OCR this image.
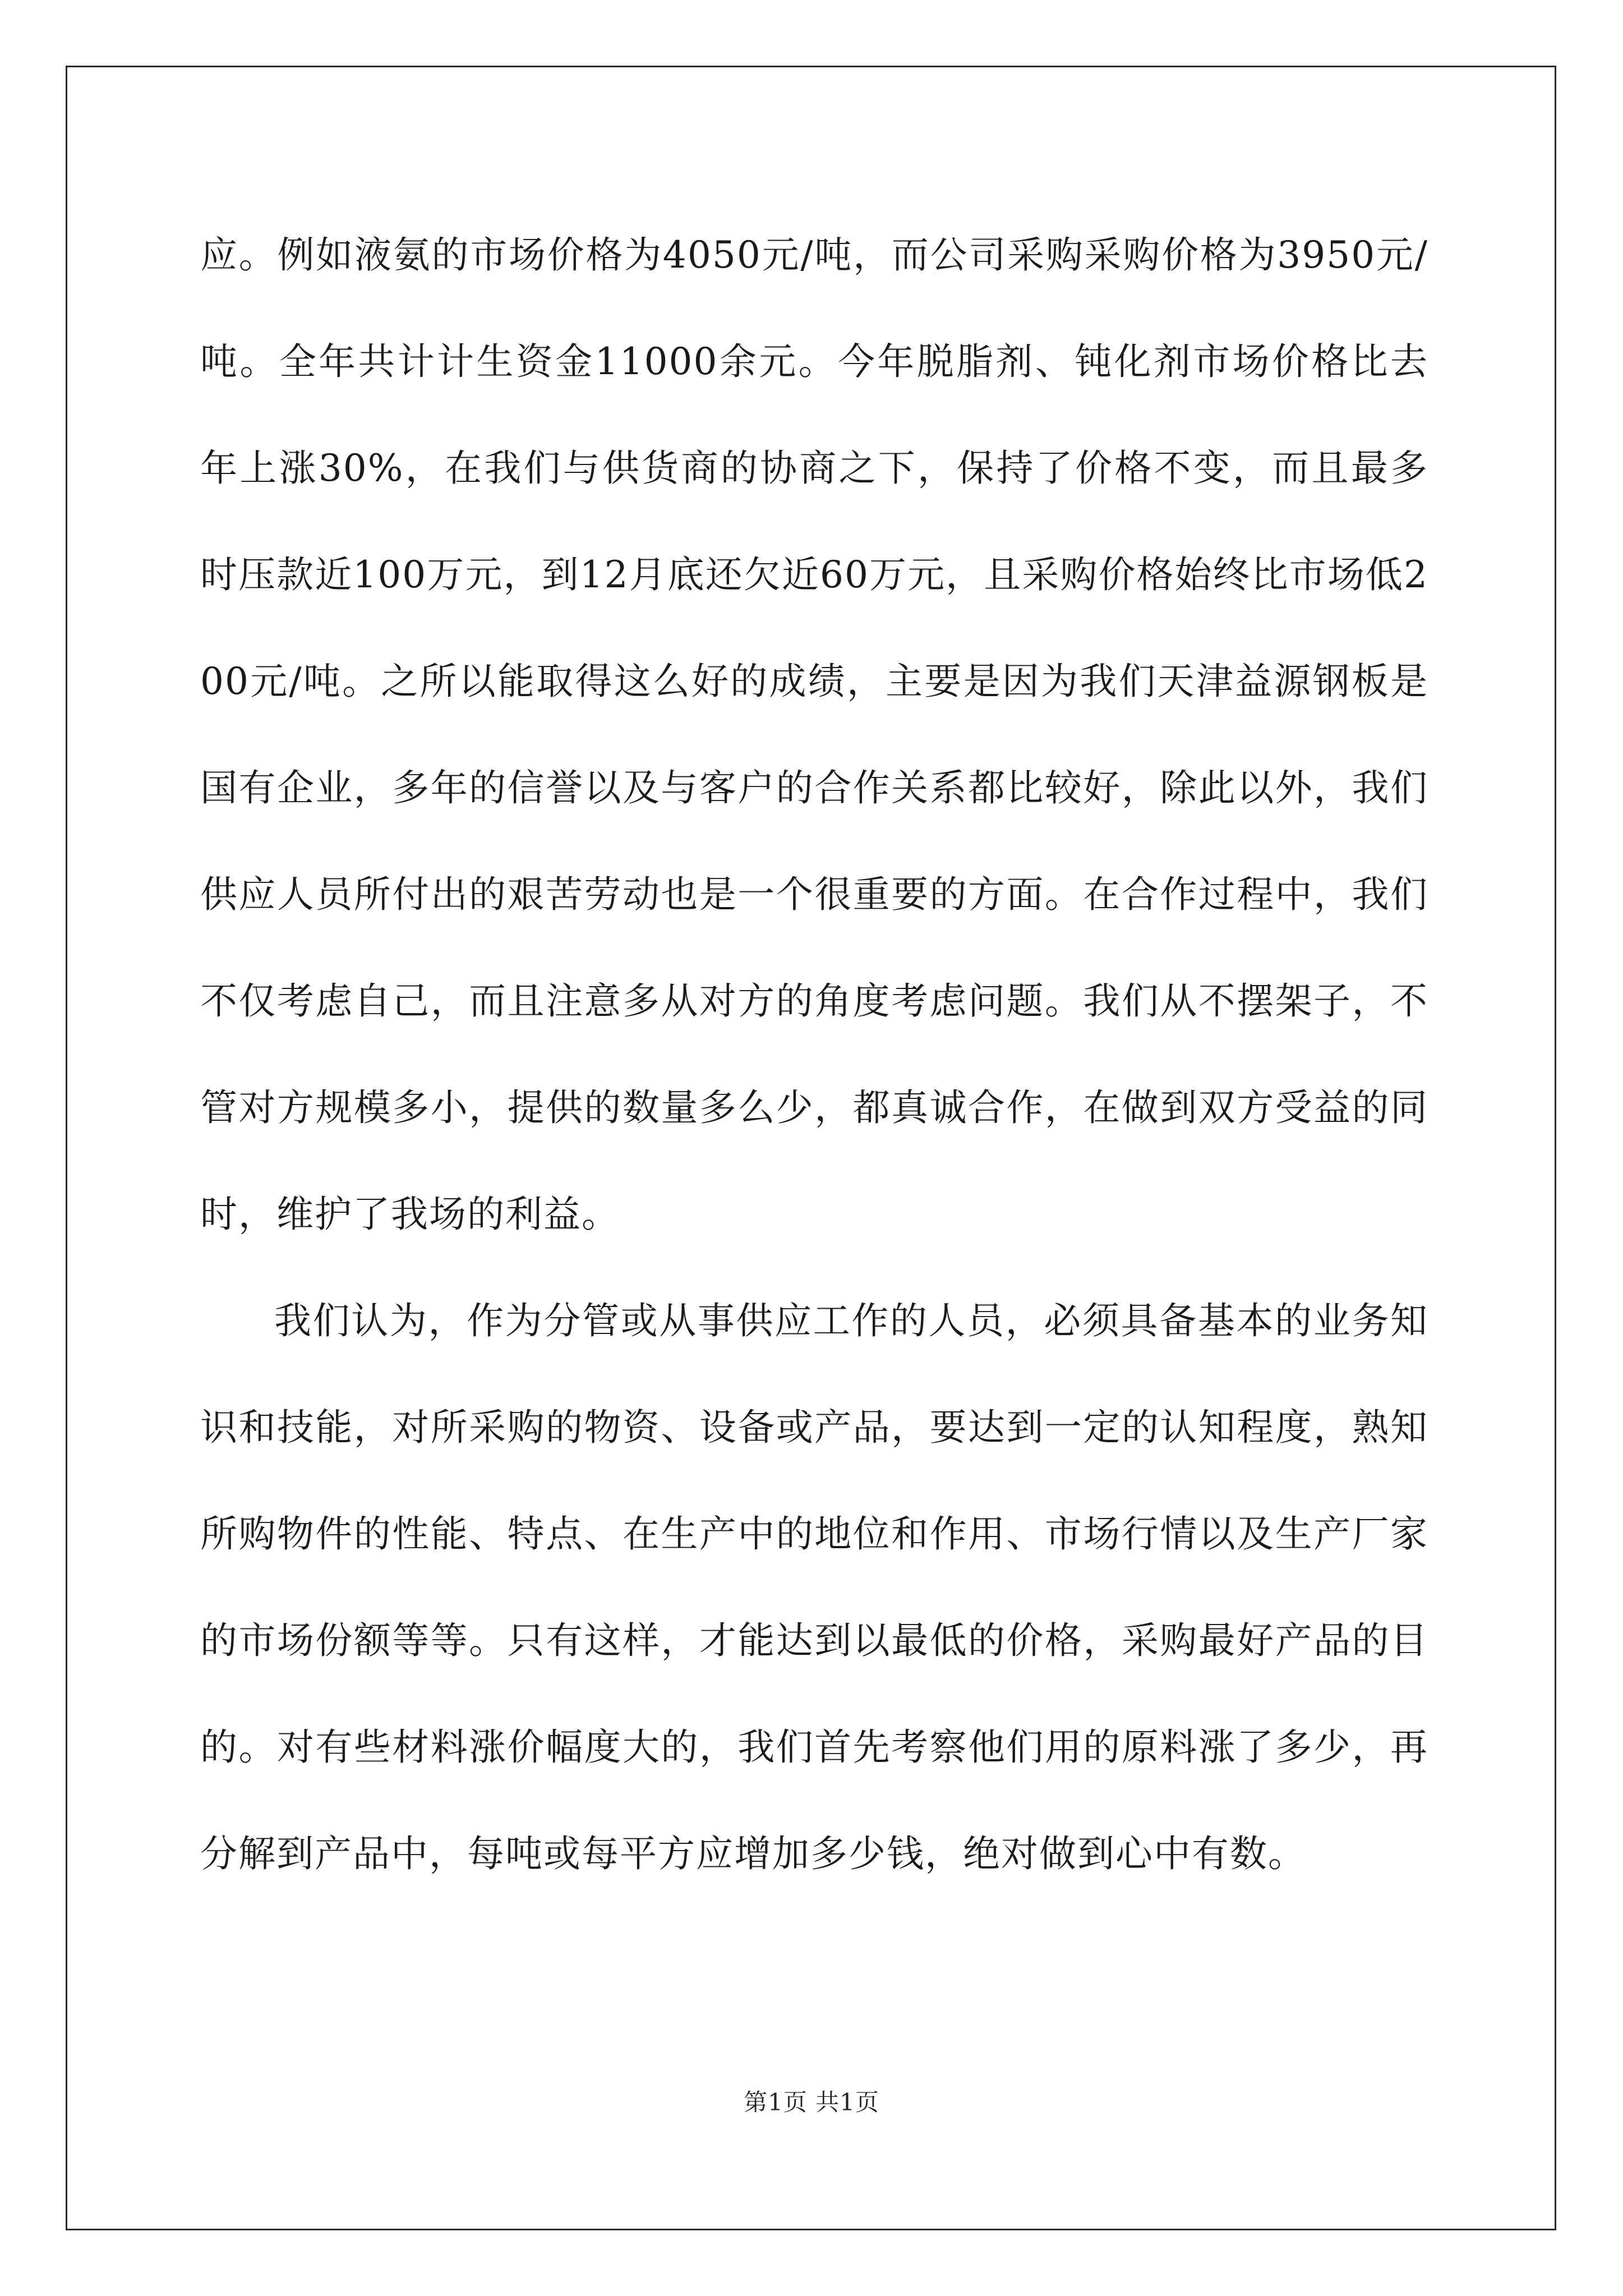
应。例如液氨的市场价格为4050元/吨，而公司采购采购价格为3950元/吨。全年共计计生资金11000余元。今年脱脂剂、钝化剂市场价格比去年上涨30%，在我们与供货商的协商之下，保持了价格不变，而且最多时压款近100万元，到12月底还欠近60万元，且采购价格始终比市场低200元/吨。之所以能取得这么好的成绩，主要是因为我们天津益源钢板是国有企业，多年的信誉以及与客户的合作关系都比较好，除此以外，我们供应人员所付出的艰苦劳动也是一个很重要的方面。在合作过程中，我们不仅考虑自己，而且注意多从对方的角度考虑问题。我们从不摆架子，不管对方规模多小，提供的数量多么少，都真诚合作，在做到双方受益的同时，维护了我场的利益。

我们认为，作为分管或从事供应工作的人员，必须具备基本的业务知识和技能，对所采购的物资、设备或产品，要达到一定的认知程度，熟知所购物件的性能、特点、在生产中的地位和作用、市场行情以及生产厂家的市场份额等等。只有这样，才能达到以最低的价格，采购最好产品的目的。对有些材料涨价幅度大的，我们首先考察他们用的原料涨了多少，再分解到产品中，每吨或每平方应增加多少钱，绝对做到心中有数。

第1页 共1页
